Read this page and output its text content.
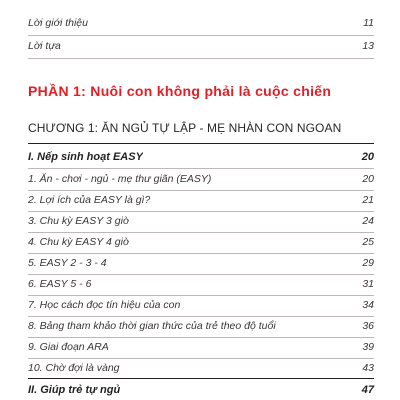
Lời giới thiệu	11
Lời tựa	13
PHẦN 1: Nuôi con không phải là cuộc chiến
CHƯƠNG 1: ĂN NGỦ TỰ LẬP - MẸ NHÀN CON NGOAN
I. Nếp sinh hoạt EASY	20
1. Ăn - chơi - ngủ - mẹ thư giãn (EASY)	20
2. Lợi ích của EASY là gì?	21
3. Chu kỳ EASY 3 giờ	24
4. Chu kỳ EASY 4 giờ	25
5. EASY 2 - 3 - 4	29
6. EASY 5 - 6	31
7. Học cách đọc tín hiệu của con	34
8. Bảng tham khảo thời gian thức của trẻ theo độ tuổi	36
9. Giai đoạn ARA	39
10. Chờ đợi là vàng	43
II. Giúp trẻ tự ngủ	47
